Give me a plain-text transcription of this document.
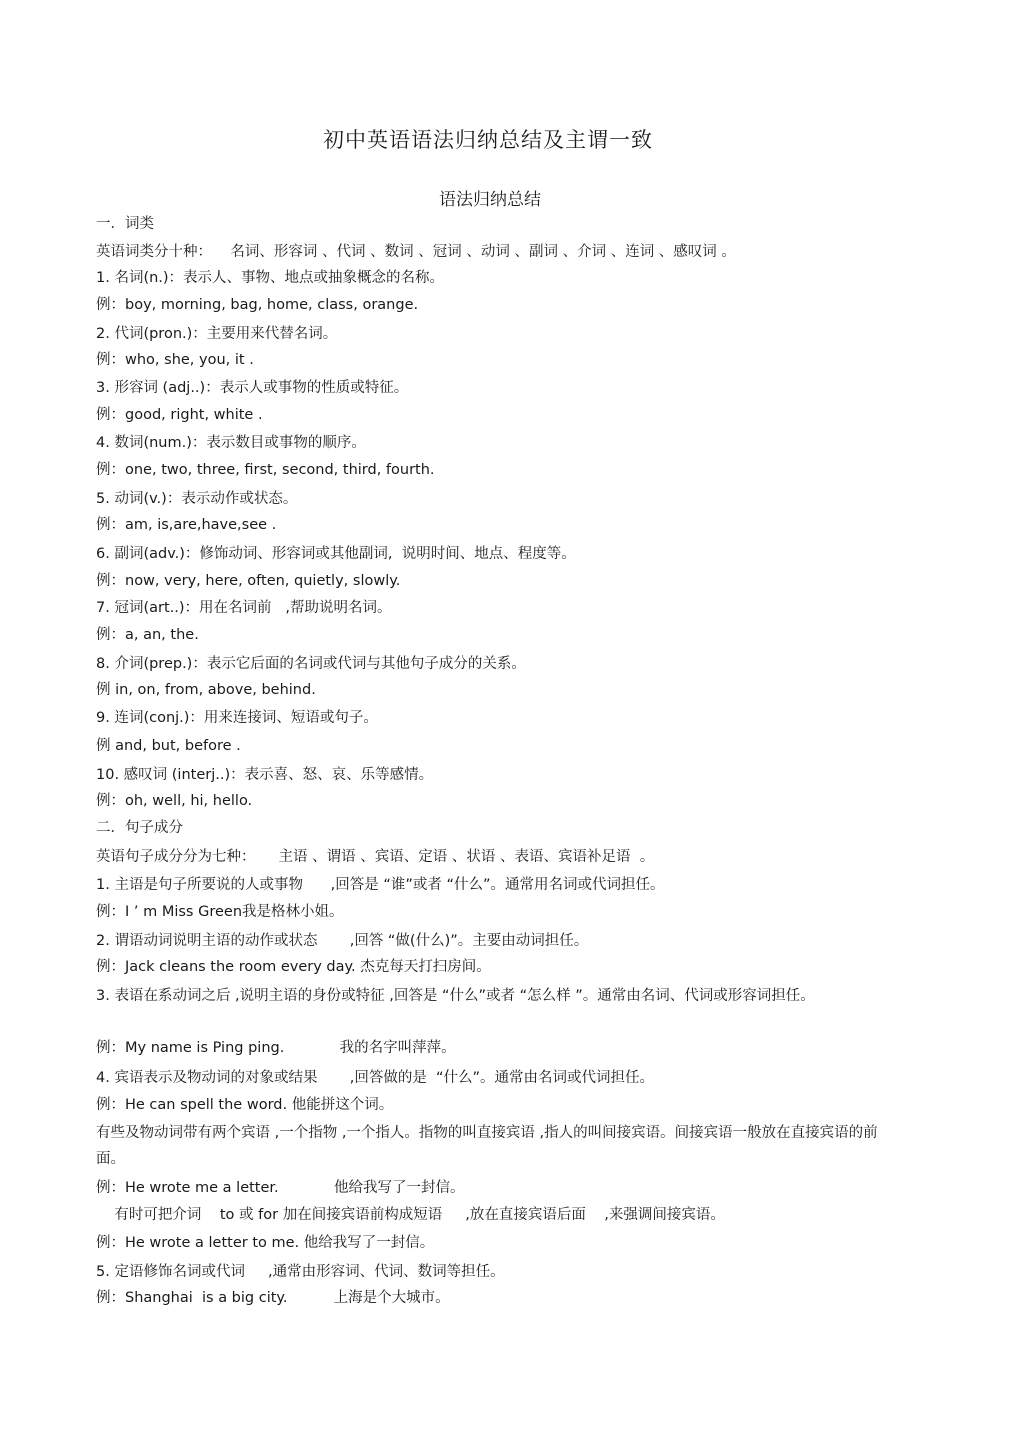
初中英语语法归纳总结及主谓一致
语法归纳总结
一．词类
英语词类分十种：    名词、形容词 、代词 、数词 、冠词 、动词 、副词 、介词 、连词 、感叹词 。
1. 名词(n.)：表示人、事物、地点或抽象概念的名称。
例：boy, morning, bag, home, class, orange.
2. 代词(pron.)：主要用来代替名词。
例：who, she, you, it .
3. 形容词 (adj..)：表示人或事物的性质或特征。
例：good, right, white .
4. 数词(num.)：表示数目或事物的顺序。
例：one, two, three, first, second, third, fourth.
5. 动词(v.)：表示动作或状态。
例：am, is,are,have,see .
6. 副词(adv.)：修饰动词、形容词或其他副词,  说明时间、地点、程度等。
例：now, very, here, often, quietly, slowly.
7. 冠词(art..)：用在名词前   ,帮助说明名词。
例：a, an, the.
8. 介词(prep.)：表示它后面的名词或代词与其他句子成分的关系。
例 in, on, from, above, behind.
9. 连词(conj.)：用来连接词、短语或句子。
例 and, but, before .
10. 感叹词 (interj..)：表示喜、怒、哀、乐等感情。
例：oh, well, hi, hello.
二．句子成分
英语句子成分分为七种：     主语 、谓语 、宾语、定语 、状语 、表语、宾语补足语  。
1. 主语是句子所要说的人或事物      ,回答是 “谁”或者 “什么”。通常用名词或代词担任。
例：I ’ m Miss Green我是格林小姐。
2. 谓语动词说明主语的动作或状态       ,回答 “做(什么)”。主要由动词担任。
例：Jack cleans the room every day. 杰克每天打扫房间。
3. 表语在系动词之后 ,说明主语的身份或特征 ,回答是 “什么”或者 “怎么样 ”。通常由名词、代词或形容词担任。
例：My name is Ping ping.            我的名字叫萍萍。
4. 宾语表示及物动词的对象或结果       ,回答做的是  “什么”。通常由名词或代词担任。
例：He can spell the word. 他能拼这个词。
有些及物动词带有两个宾语 ,一个指物 ,一个指人。指物的叫直接宾语 ,指人的叫间接宾语。间接宾语一般放在直接宾语的前面。
例：He wrote me a letter.            他给我写了一封信。
有时可把介词    to 或 for 加在间接宾语前构成短语     ,放在直接宾语后面    ,来强调间接宾语。
例：He wrote a letter to me. 他给我写了一封信。
5. 定语修饰名词或代词     ,通常由形容词、代词、数词等担任。
例：Shanghai  is a big city.          上海是个大城市。
